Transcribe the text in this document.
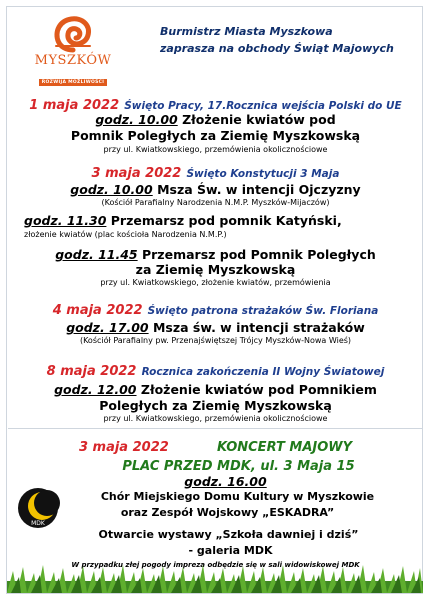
MYSZKÓW
ROZWIJA MOŻLIWOŚCI
Burmistrz Miasta Myszkowa
zaprasza na obchody Świąt Majowych
1 maja 2022 Święto Pracy, 17.Rocznica wejścia Polski do UE
godz. 10.00 Złożenie kwiatów pod
Pomnik Poległych za Ziemię Myszkowską
przy ul. Kwiatkowskiego, przemówienia okolicznościowe
3 maja 2022 Święto Konstytucji 3 Maja
godz. 10.00 Msza Św. w intencji Ojczyzny
(Kościół Parafialny Narodzenia N.M.P. Myszków-Mijaczów)
godz. 11.30 Przemarsz pod pomnik Katyński,
złożenie kwiatów (plac kościoła Narodzenia N.M.P.)
godz. 11.45 Przemarsz pod Pomnik Poległych
za Ziemię Myszkowską
przy ul. Kwiatkowskiego, złożenie kwiatów, przemówienia
4 maja 2022 Święto patrona strażaków Św. Floriana
godz. 17.00 Msza św. w intencji strażaków
(Kościół Parafialny pw. Przenajświętszej Trójcy Myszków-Nowa Wieś)
8 maja 2022 Rocznica zakończenia II Wojny Światowej
godz. 12.00 Złożenie kwiatów pod Pomnikiem
Poległych za Ziemię Myszkowską
przy ul. Kwiatkowskiego, przemówienia okolicznościowe
3 maja 2022	KONCERT MAJOWY
PLAC PRZED MDK, ul. 3 Maja 15
MDK
godz. 16.00
Chór Miejskiego Domu Kultury w Myszkowie
oraz Zespół Wojskowy „ESKADRA”
Otwarcie wystawy „Szkoła dawniej i dziś”
- galeria MDK
W przypadku złej pogody impreza odbędzie się w sali widowiskowej MDK
